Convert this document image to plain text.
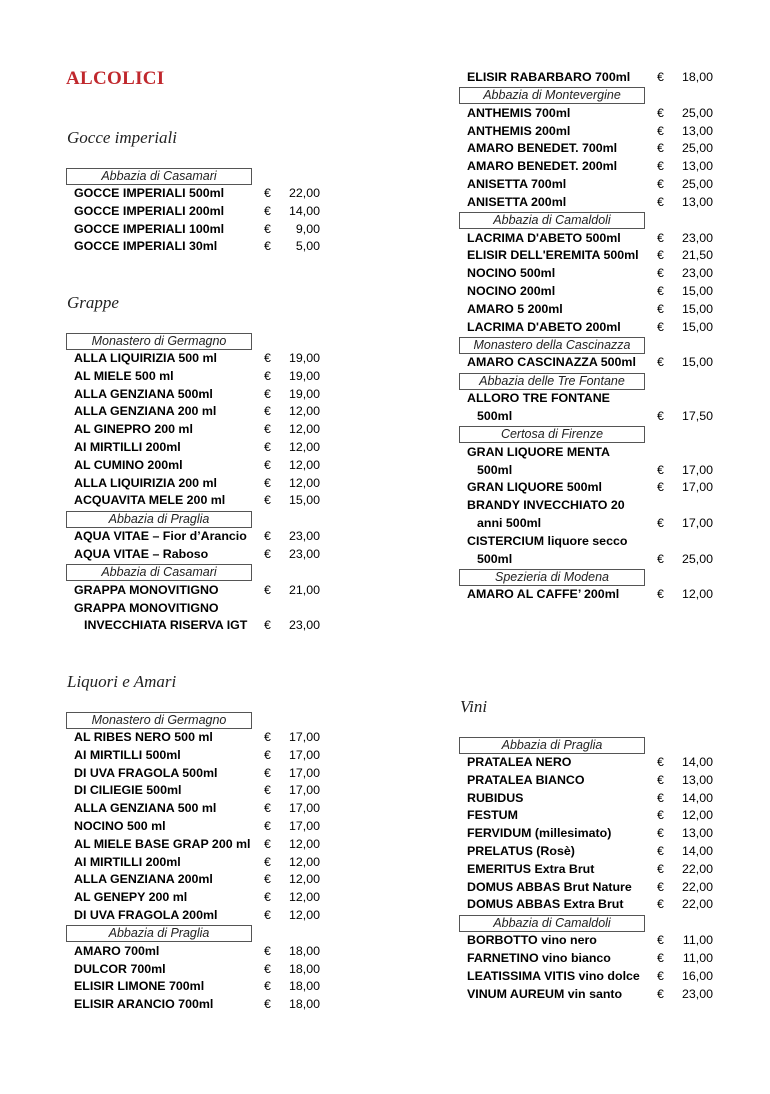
ALCOLICI
Gocce imperiali
Abbazia di Casamari
GOCCE IMPERIALI 500ml	€	22,00
GOCCE IMPERIALI 200ml	€	14,00
GOCCE IMPERIALI 100ml	€	9,00
GOCCE IMPERIALI 30ml	€	5,00
Grappe
Monastero di Germagno
ALLA LIQUIRIZIA 500 ml	€	19,00
AL MIELE 500 ml	€	19,00
ALLA GENZIANA 500ml	€	19,00
ALLA GENZIANA 200 ml	€	12,00
AL GINEPRO 200 ml	€	12,00
AI MIRTILLI 200ml	€	12,00
AL CUMINO 200ml	€	12,00
ALLA LIQUIRIZIA 200 ml	€	12,00
ACQUAVITA MELE 200 ml	€	15,00
Abbazia di Praglia
AQUA VITAE – Fior d’Arancio €	23,00
AQUA VITAE – Raboso	€	23,00
Abbazia di Casamari
GRAPPA MONOVITIGNO	€	21,00
GRAPPA MONOVITIGNO
INVECCHIATA RISERVA IGT €	23,00
Liquori e Amari
Monastero di Germagno
AL RIBES NERO 500 ml	€	17,00
AI MIRTILLI 500ml	€	17,00
DI UVA FRAGOLA 500ml	€	17,00
DI CILIEGIE 500ml	€	17,00
ALLA GENZIANA 500 ml	€	17,00
NOCINO 500 ml	€	17,00
AL MIELE BASE GRAP 200 ml €	12,00
AI MIRTILLI 200ml	€	12,00
ALLA GENZIANA 200ml	€	12,00
AL GENEPY 200 ml	€	12,00
DI UVA FRAGOLA 200ml	€	12,00
Abbazia di Praglia
AMARO 700ml	€	18,00
DULCOR 700ml	€	18,00
ELISIR LIMONE 700ml	€	18,00
ELISIR ARANCIO 700ml	€	18,00
ELISIR RABARBARO 700ml €	18,00
Abbazia di Montevergine
ANTHEMIS 700ml	€	25,00
ANTHEMIS 200ml	€	13,00
AMARO BENEDET. 700ml	€	25,00
AMARO BENEDET. 200ml	€	13,00
ANISETTA 700ml	€	25,00
ANISETTA 200ml	€	13,00
Abbazia di Camaldoli
LACRIMA D'ABETO 500ml	€	23,00
ELISIR DELL'EREMITA 500ml €	21,50
NOCINO 500ml	€	23,00
NOCINO 200ml	€	15,00
AMARO 5 200ml	€	15,00
LACRIMA D'ABETO 200ml	€	15,00
Monastero della Cascinazza
AMARO CASCINAZZA 500ml €	15,00
Abbazia delle Tre Fontane
ALLORO TRE FONTANE
500ml	€	17,50
Certosa di Firenze
GRAN LIQUORE MENTA
500ml	€	17,00
GRAN LIQUORE 500ml	€	17,00
BRANDY INVECCHIATO 20
anni 500ml	€	17,00
CISTERCIUM liquore secco
500ml	€	25,00
Spezieria di Modena
AMARO AL CAFFE’ 200ml	€	12,00
Vini
Abbazia di Praglia
PRATALEA NERO	€	14,00
PRATALEA BIANCO	€	13,00
RUBIDUS	€	14,00
FESTUM	€	12,00
FERVIDUM (millesimato)	€	13,00
PRELATUS (Rosè)	€	14,00
EMERITUS Extra Brut	€	22,00
DOMUS ABBAS Brut Nature €	22,00
DOMUS ABBAS Extra Brut	€	22,00
Abbazia di Camaldoli
BORBOTTO vino nero	€	11,00
FARNETINO vino bianco	€	11,00
LEATISSIMA VITIS vino dolce €	16,00
VINUM AUREUM vin santo	€	23,00
